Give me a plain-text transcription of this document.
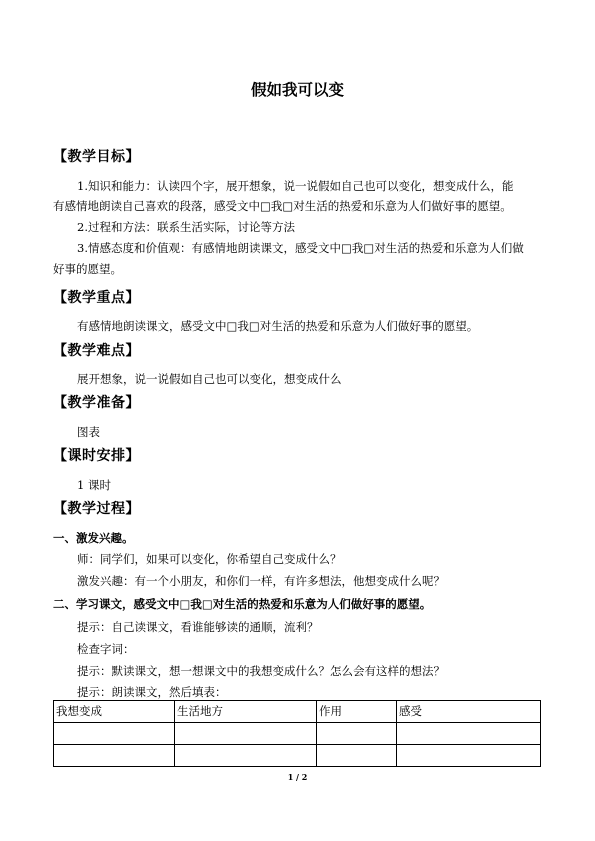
假如我可以变
【教学目标】
1.知识和能力：认读四个字，展开想象，说一说假如自己也可以变化，想变成什么，能
有感情地朗读自己喜欢的段落，感受文中□我□对生活的热爱和乐意为人们做好事的愿望。
2.过程和方法：联系生活实际，讨论等方法
3.情感态度和价值观：有感情地朗读课文，感受文中□我□对生活的热爱和乐意为人们做
好事的愿望。
【教学重点】
有感情地朗读课文，感受文中□我□对生活的热爱和乐意为人们做好事的愿望。
【教学难点】
展开想象，说一说假如自己也可以变化，想变成什么
【教学准备】
图表
【课时安排】
1 课时
【教学过程】
一、激发兴趣。
师：同学们，如果可以变化，你希望自己变成什么？
激发兴趣：有一个小朋友，和你们一样，有许多想法，他想变成什么呢？
二、学习课文，感受文中□我□对生活的热爱和乐意为人们做好事的愿望。
提示：自己读课文，看谁能够读的通顺，流利？
检查字词：
提示：默读课文，想一想课文中的我想变成什么？怎么会有这样的想法？
提示：朗读课文，然后填表：
我想变成	生活地方	作用	感受

1 / 2
